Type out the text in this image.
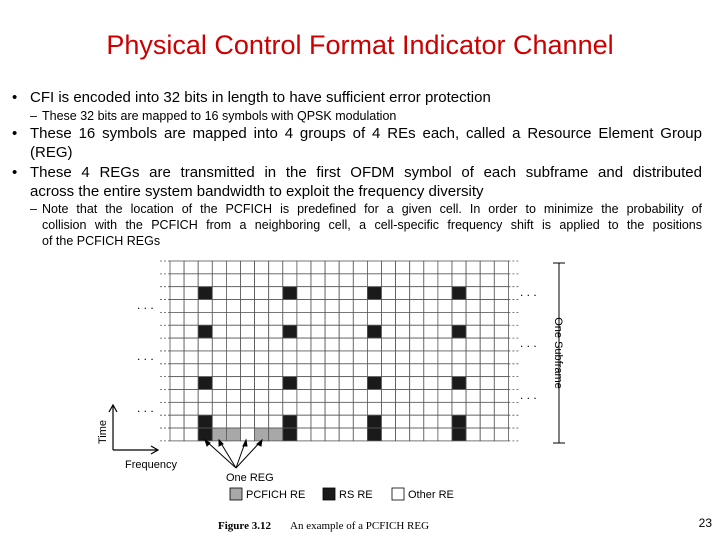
Physical Control Format Indicator Channel
• CFI is encoded into 32 bits in length to have sufficient error protection
– These 32 bits are mapped to 16 symbols with QPSK modulation
• These 16 symbols are mapped into 4 groups of 4 REs each, called a Resource Element Group
(REG)
• These 4 REGs are transmitted in the first OFDM symbol of each subframe and distributed
across the entire system bandwidth to exploit the frequency diversity
– Note that the location of the PCFICH is predefined for a given cell. In order to minimize the probability of
collision with the PCFICH from a neighboring cell, a cell-specific frequency shift is applied to the positions
of the PCFICH REGs
. . .
. . .
. . .
. . .
. . .
. . .
One Subframe
Time
Frequency
One REG
PCFICH RE	RS RE	Other RE
Figure 3.12 An example of a PCFICH REG	23
